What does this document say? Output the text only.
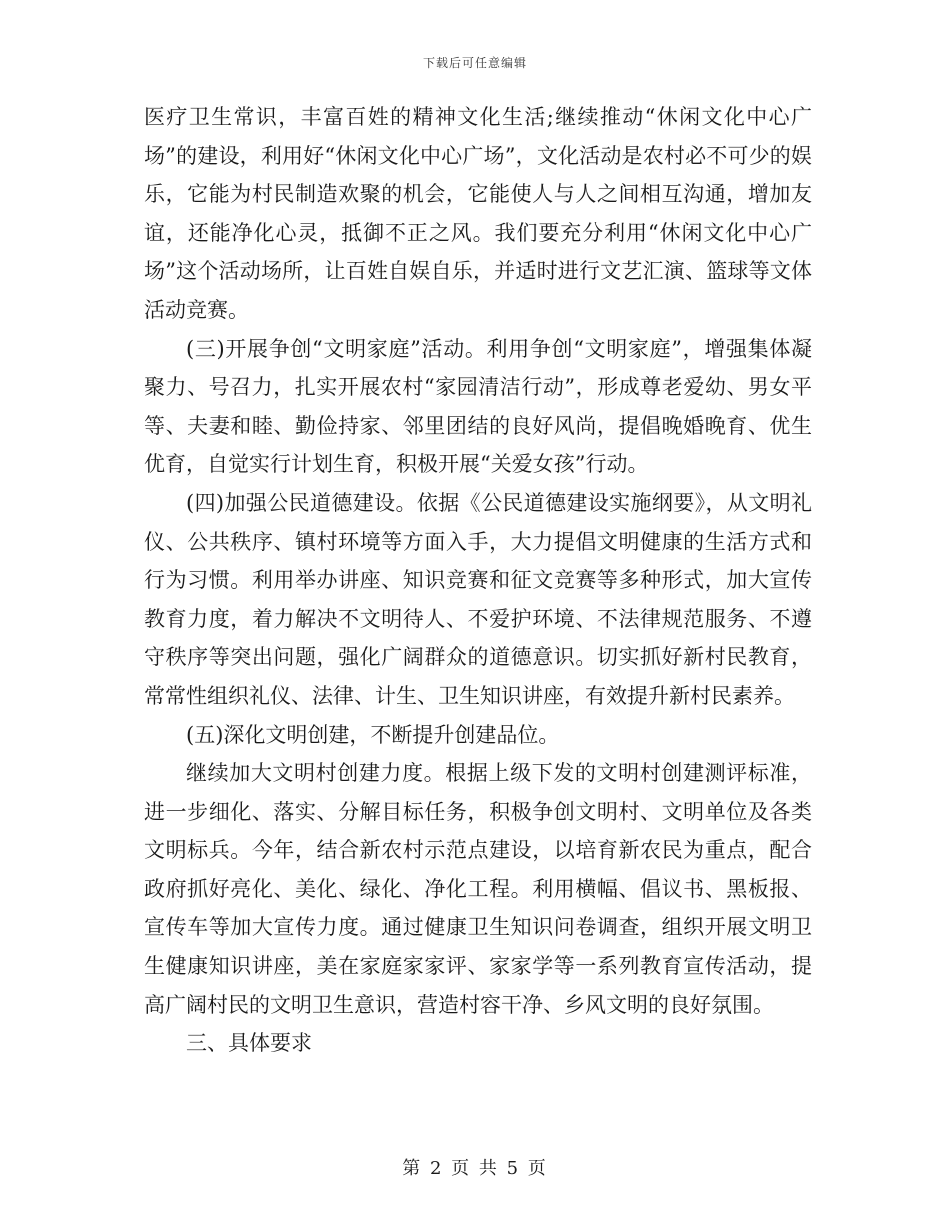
下载后可任意编辑

医疗卫生常识，丰富百姓的精神文化生活;继续推动“休闲文化中心广场”的建设，利用好“休闲文化中心广场”，文化活动是农村必不可少的娱乐，它能为村民制造欢聚的机会，它能使人与人之间相互沟通，增加友谊，还能净化心灵，抵御不正之风。我们要充分利用“休闲文化中心广场”这个活动场所，让百姓自娱自乐，并适时进行文艺汇演、篮球等文体活动竞赛。

(三)开展争创“文明家庭”活动。利用争创“文明家庭”，增强集体凝聚力、号召力，扎实开展农村“家园清洁行动”，形成尊老爱幼、男女平等、夫妻和睦、勤俭持家、邻里团结的良好风尚，提倡晚婚晚育、优生优育，自觉实行计划生育，积极开展“关爱女孩”行动。

(四)加强公民道德建设。依据《公民道德建设实施纲要》，从文明礼仪、公共秩序、镇村环境等方面入手，大力提倡文明健康的生活方式和行为习惯。利用举办讲座、知识竞赛和征文竞赛等多种形式，加大宣传教育力度，着力解决不文明待人、不爱护环境、不法律规范服务、不遵守秩序等突出问题，强化广阔群众的道德意识。切实抓好新村民教育，常常性组织礼仪、法律、计生、卫生知识讲座，有效提升新村民素养。

(五)深化文明创建，不断提升创建品位。

继续加大文明村创建力度。根据上级下发的文明村创建测评标准，进一步细化、落实、分解目标任务，积极争创文明村、文明单位及各类文明标兵。今年，结合新农村示范点建设，以培育新农民为重点，配合政府抓好亮化、美化、绿化、净化工程。利用横幅、倡议书、黑板报、宣传车等加大宣传力度。通过健康卫生知识问卷调查，组织开展文明卫生健康知识讲座，美在家庭家家评、家家学等一系列教育宣传活动，提高广阔村民的文明卫生意识，营造村容干净、乡风文明的良好氛围。

三、具体要求

第 2 页 共 5 页
